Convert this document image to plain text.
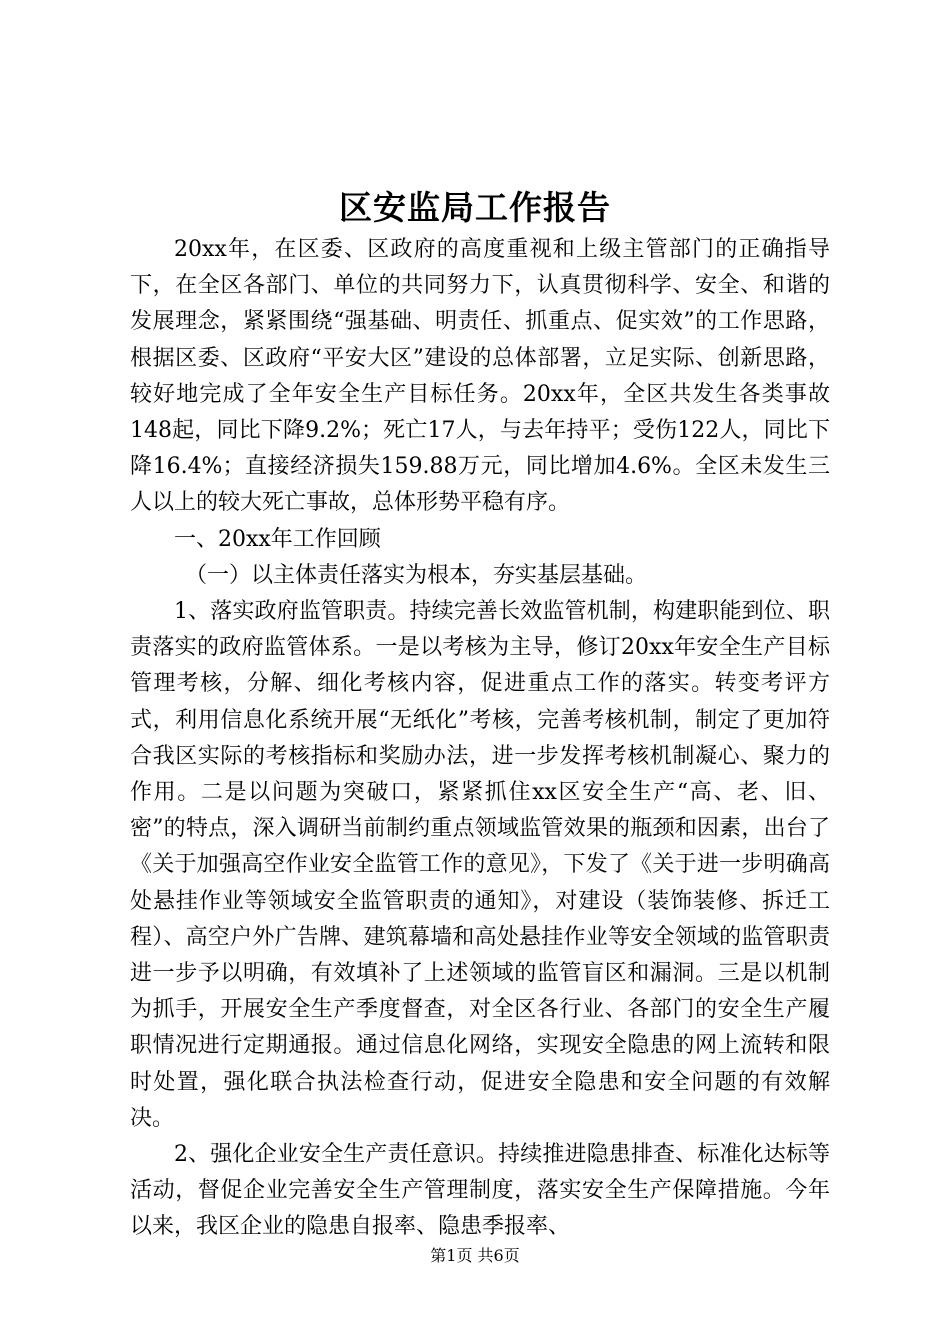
区安监局工作报告

20xx年，在区委、区政府的高度重视和上级主管部门的正确指导下，在全区各部门、单位的共同努力下，认真贯彻科学、安全、和谐的发展理念，紧紧围绕“强基础、明责任、抓重点、促实效”的工作思路，根据区委、区政府“平安大区”建设的总体部署，立足实际、创新思路，较好地完成了全年安全生产目标任务。20xx年，全区共发生各类事故148起，同比下降9.2%；死亡17人，与去年持平；受伤122人，同比下降16.4%；直接经济损失159.88万元，同比增加4.6%。全区未发生三人以上的较大死亡事故，总体形势平稳有序。

一、20xx年工作回顾

（一）以主体责任落实为根本，夯实基层基础。

1、落实政府监管职责。持续完善长效监管机制，构建职能到位、职责落实的政府监管体系。一是以考核为主导，修订20xx年安全生产目标管理考核，分解、细化考核内容，促进重点工作的落实。转变考评方式，利用信息化系统开展“无纸化”考核，完善考核机制，制定了更加符合我区实际的考核指标和奖励办法，进一步发挥考核机制凝心、聚力的作用。二是以问题为突破口，紧紧抓住xx区安全生产“高、老、旧、密”的特点，深入调研当前制约重点领域监管效果的瓶颈和因素，出台了《关于加强高空作业安全监管工作的意见》，下发了《关于进一步明确高处悬挂作业等领域安全监管职责的通知》，对建设（装饰装修、拆迁工程）、高空户外广告牌、建筑幕墙和高处悬挂作业等安全领域的监管职责进一步予以明确，有效填补了上述领域的监管盲区和漏洞。三是以机制为抓手，开展安全生产季度督查，对全区各行业、各部门的安全生产履职情况进行定期通报。通过信息化网络，实现安全隐患的网上流转和限时处置，强化联合执法检查行动，促进安全隐患和安全问题的有效解决。

2、强化企业安全生产责任意识。持续推进隐患排查、标准化达标等活动，督促企业完善安全生产管理制度，落实安全生产保障措施。今年以来，我区企业的隐患自报率、隐患季报率、

第1页 共6页
